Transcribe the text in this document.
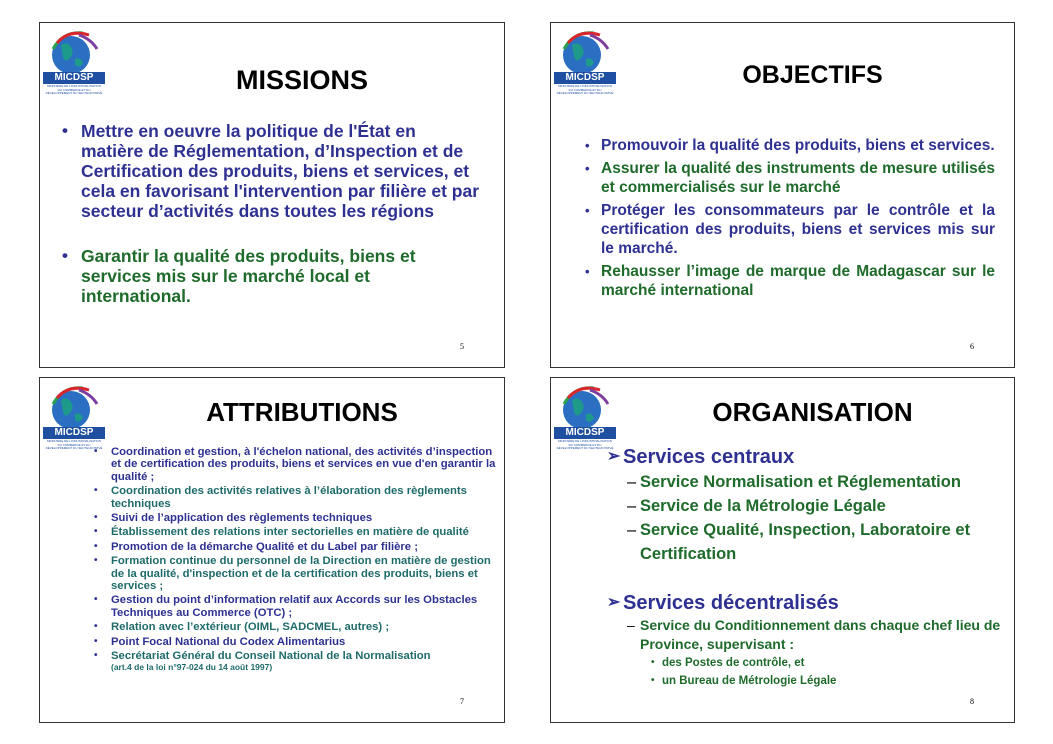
MICDSP
MINISTÈRE DE L'INDUSTRIALISATION DU COMMERCE ET DU DÉVELOPPEMENT DU SECTEUR PRIVÉ	MISSIONS
• Mettre en oeuvre la politique de l'État en matière de Réglementation, d’Inspection et de Certification des produits, biens et services, et cela en favorisant l'intervention par filière et par secteur d’activités dans toutes les régions
• Garantir la qualité des produits, biens et services mis sur le marché local et international.
5
MICDSP
MINISTÈRE DE L'INDUSTRIALISATION DU COMMERCE ET DU DÉVELOPPEMENT DU SECTEUR PRIVÉ
OBJECTIFS
• Promouvoir la qualité des produits, biens et services.
• Assurer la qualité des instruments de mesure utilisés et commercialisés sur le marché
• Protéger les consommateurs par le contrôle et la certification des produits, biens et services mis sur le marché.
• Rehausser l’image de marque de Madagascar sur le marché international
6
MICDSP
MINISTÈRE DE L'INDUSTRIALISATION DU COMMERCE ET DU DÉVELOPPEMENT DU SECTEUR PRIVÉ
ATTRIBUTIONS
• Coordination et gestion, à l'échelon national, des activités d’inspection et de certification des produits, biens et services en vue d'en garantir la qualité ;
• Coordination des activités relatives à l’élaboration des règlements techniques
• Suivi de l’application des règlements techniques
• Établissement des relations inter sectorielles en matière de qualité
• Promotion de la démarche Qualité et du Label par filière ;
• Formation continue du personnel de la Direction en matière de gestion de la qualité, d'inspection et de la certification des produits, biens et services ;
• Gestion du point d’information relatif aux Accords sur les Obstacles Techniques au Commerce (OTC) ;
• Relation avec l’extérieur (OIML, SADCMEL, autres) ;
• Point Focal National du Codex Alimentarius
• Secrétariat Général du Conseil National de la Normalisation
(art.4 de la loi n°97-024 du 14 août 1997)
7
MICDSP
MINISTÈRE DE L'INDUSTRIALISATION DU COMMERCE ET DU DÉVELOPPEMENT DU SECTEUR PRIVÉ
ORGANISATION
➢ Services centraux
– Service Normalisation et Réglementation
– Service de la Métrologie Légale
– Service Qualité, Inspection, Laboratoire et Certification
➢ Services décentralisés
– Service du Conditionnement dans chaque chef lieu de Province, supervisant :
• des Postes de contrôle, et
• un Bureau de Métrologie Légale
8
